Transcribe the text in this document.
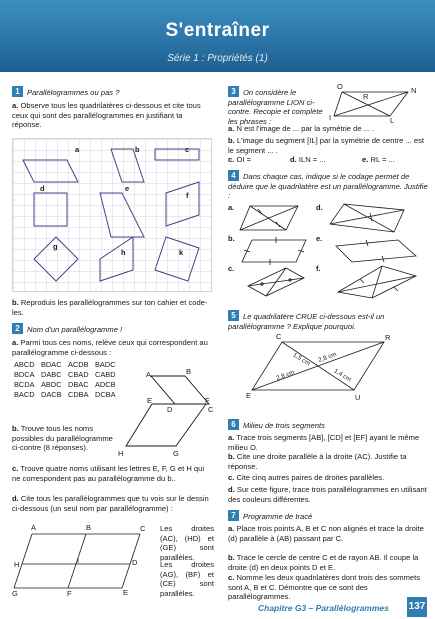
S'entraîner
Série 1 : Propriétés (1)
1 Parallélogrammes ou pas ?
a. Observe tous les quadrilatères ci-dessous et cite tous ceux qui sont des parallélogrammes en justifiant ta réponse.
a	b	c
d	e
f
g
h	k
b. Reproduis les parallélogrammes sur ton cahier et code-les.
2 Nom d'un parallélogramme !
a. Parmi tous ces noms, relève ceux qui correspondent au parallélogramme ci-dessous :
ABCD BDAC ACDB BADC
BDCA DABC CBAD CABD
BCDA ABDC DBAC ADCB
BACD DACB CDBA DCBA
A	B
C
D
b. Trouve tous les noms possibles du parallélogramme ci-contre (8 réponses).
E	F
G
H
c. Trouve quatre noms utilisant les lettres E, F, G et H qui ne correspondent pas au parallélogramme du b..
d. Cite tous les parallélogrammes que tu vois sur le dessin ci-dessous (un seul nom par parallélogramme) :
A	B	C
D
E
F
G
H	I
Les droites (AC), (HD) et (GE) sont parallèles.
Les droites (AG), (BF) et (CE) sont parallèles.
3 On considère le parallélogramme LION ci-contre. Recopie et complète les phrases :
O	N
R
I	L
a. N est l'image de ... par la symétrie de ... .
b. L'image du segment [IL] par la symétrie de centre ... est le segment ... .
c. OI =	d. ILN = ...	e. RL = ...
4 Dans chaque cas, indique si le codage permet de déduire que le quadrilatère est un parallélogramme. Justifie :
a.	d.
b.	e.
c.	f.
5 Le quadrilatère CRUE ci-dessous est-il un parallélogramme ? Explique pourquoi.
C	R
U
E
1,5 cm 2,8 cm
2,8 cm	1,4 cm
6 Milieu de trois segments
a. Trace trois segments [AB], [CD] et [EF] ayant le même milieu O.
b. Cite une droite parallèle à la droite (AC). Justifie ta réponse.
c. Cite cinq autres paires de droites parallèles.
d. Sur cette figure, trace trois parallélogrammes en utilisant des couleurs différentes.
7 Programme de tracé
a. Place trois points A, B et C non alignés et trace la droite (d) parallèle à (AB) passant par C.
b. Trace le cercle de centre C et de rayon AB. Il coupe la droite (d) en deux points D et E.
c. Nomme les deux quadrilatères dont trois des sommets sont A, B et C. Démontre que ce sont des parallélogrammes.
Chapitre G3 – Parallélogrammes 137
